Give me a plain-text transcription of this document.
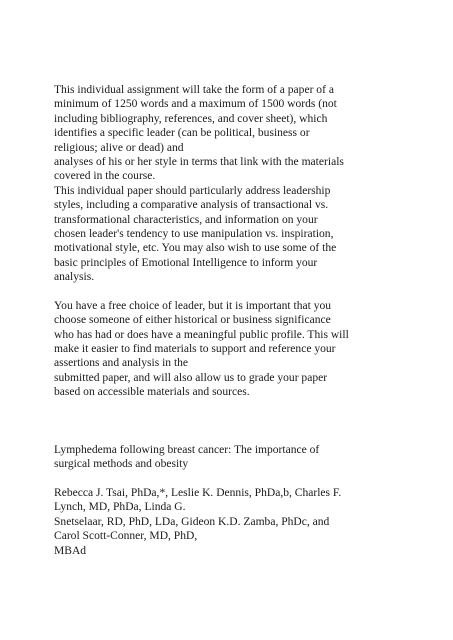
This individual assignment will take the form of a paper of a
minimum of 1250 words and a maximum of 1500 words (not
including bibliography, references, and cover sheet), which
identifies a specific leader (can be political, business or
religious; alive or dead) and
analyses of his or her style in terms that link with the materials
covered in the course.
This individual paper should particularly address leadership
styles, including a comparative analysis of transactional vs.
transformational characteristics, and information on your
chosen leader's tendency to use manipulation vs. inspiration,
motivational style, etc. You may also wish to use some of the
basic principles of Emotional Intelligence to inform your
analysis.
You have a free choice of leader, but it is important that you
choose someone of either historical or business significance
who has had or does have a meaningful public profile. This will
make it easier to find materials to support and reference your
assertions and analysis in the
submitted paper, and will also allow us to grade your paper
based on accessible materials and sources.
Lymphedema following breast cancer: The importance of
surgical methods and obesity
Rebecca J. Tsai, PhDa,*, Leslie K. Dennis, PhDa,b, Charles F.
Lynch, MD, PhDa, Linda G.
Snetselaar, RD, PhD, LDa, Gideon K.D. Zamba, PhDc, and
Carol Scott-Conner, MD, PhD,
MBAd
